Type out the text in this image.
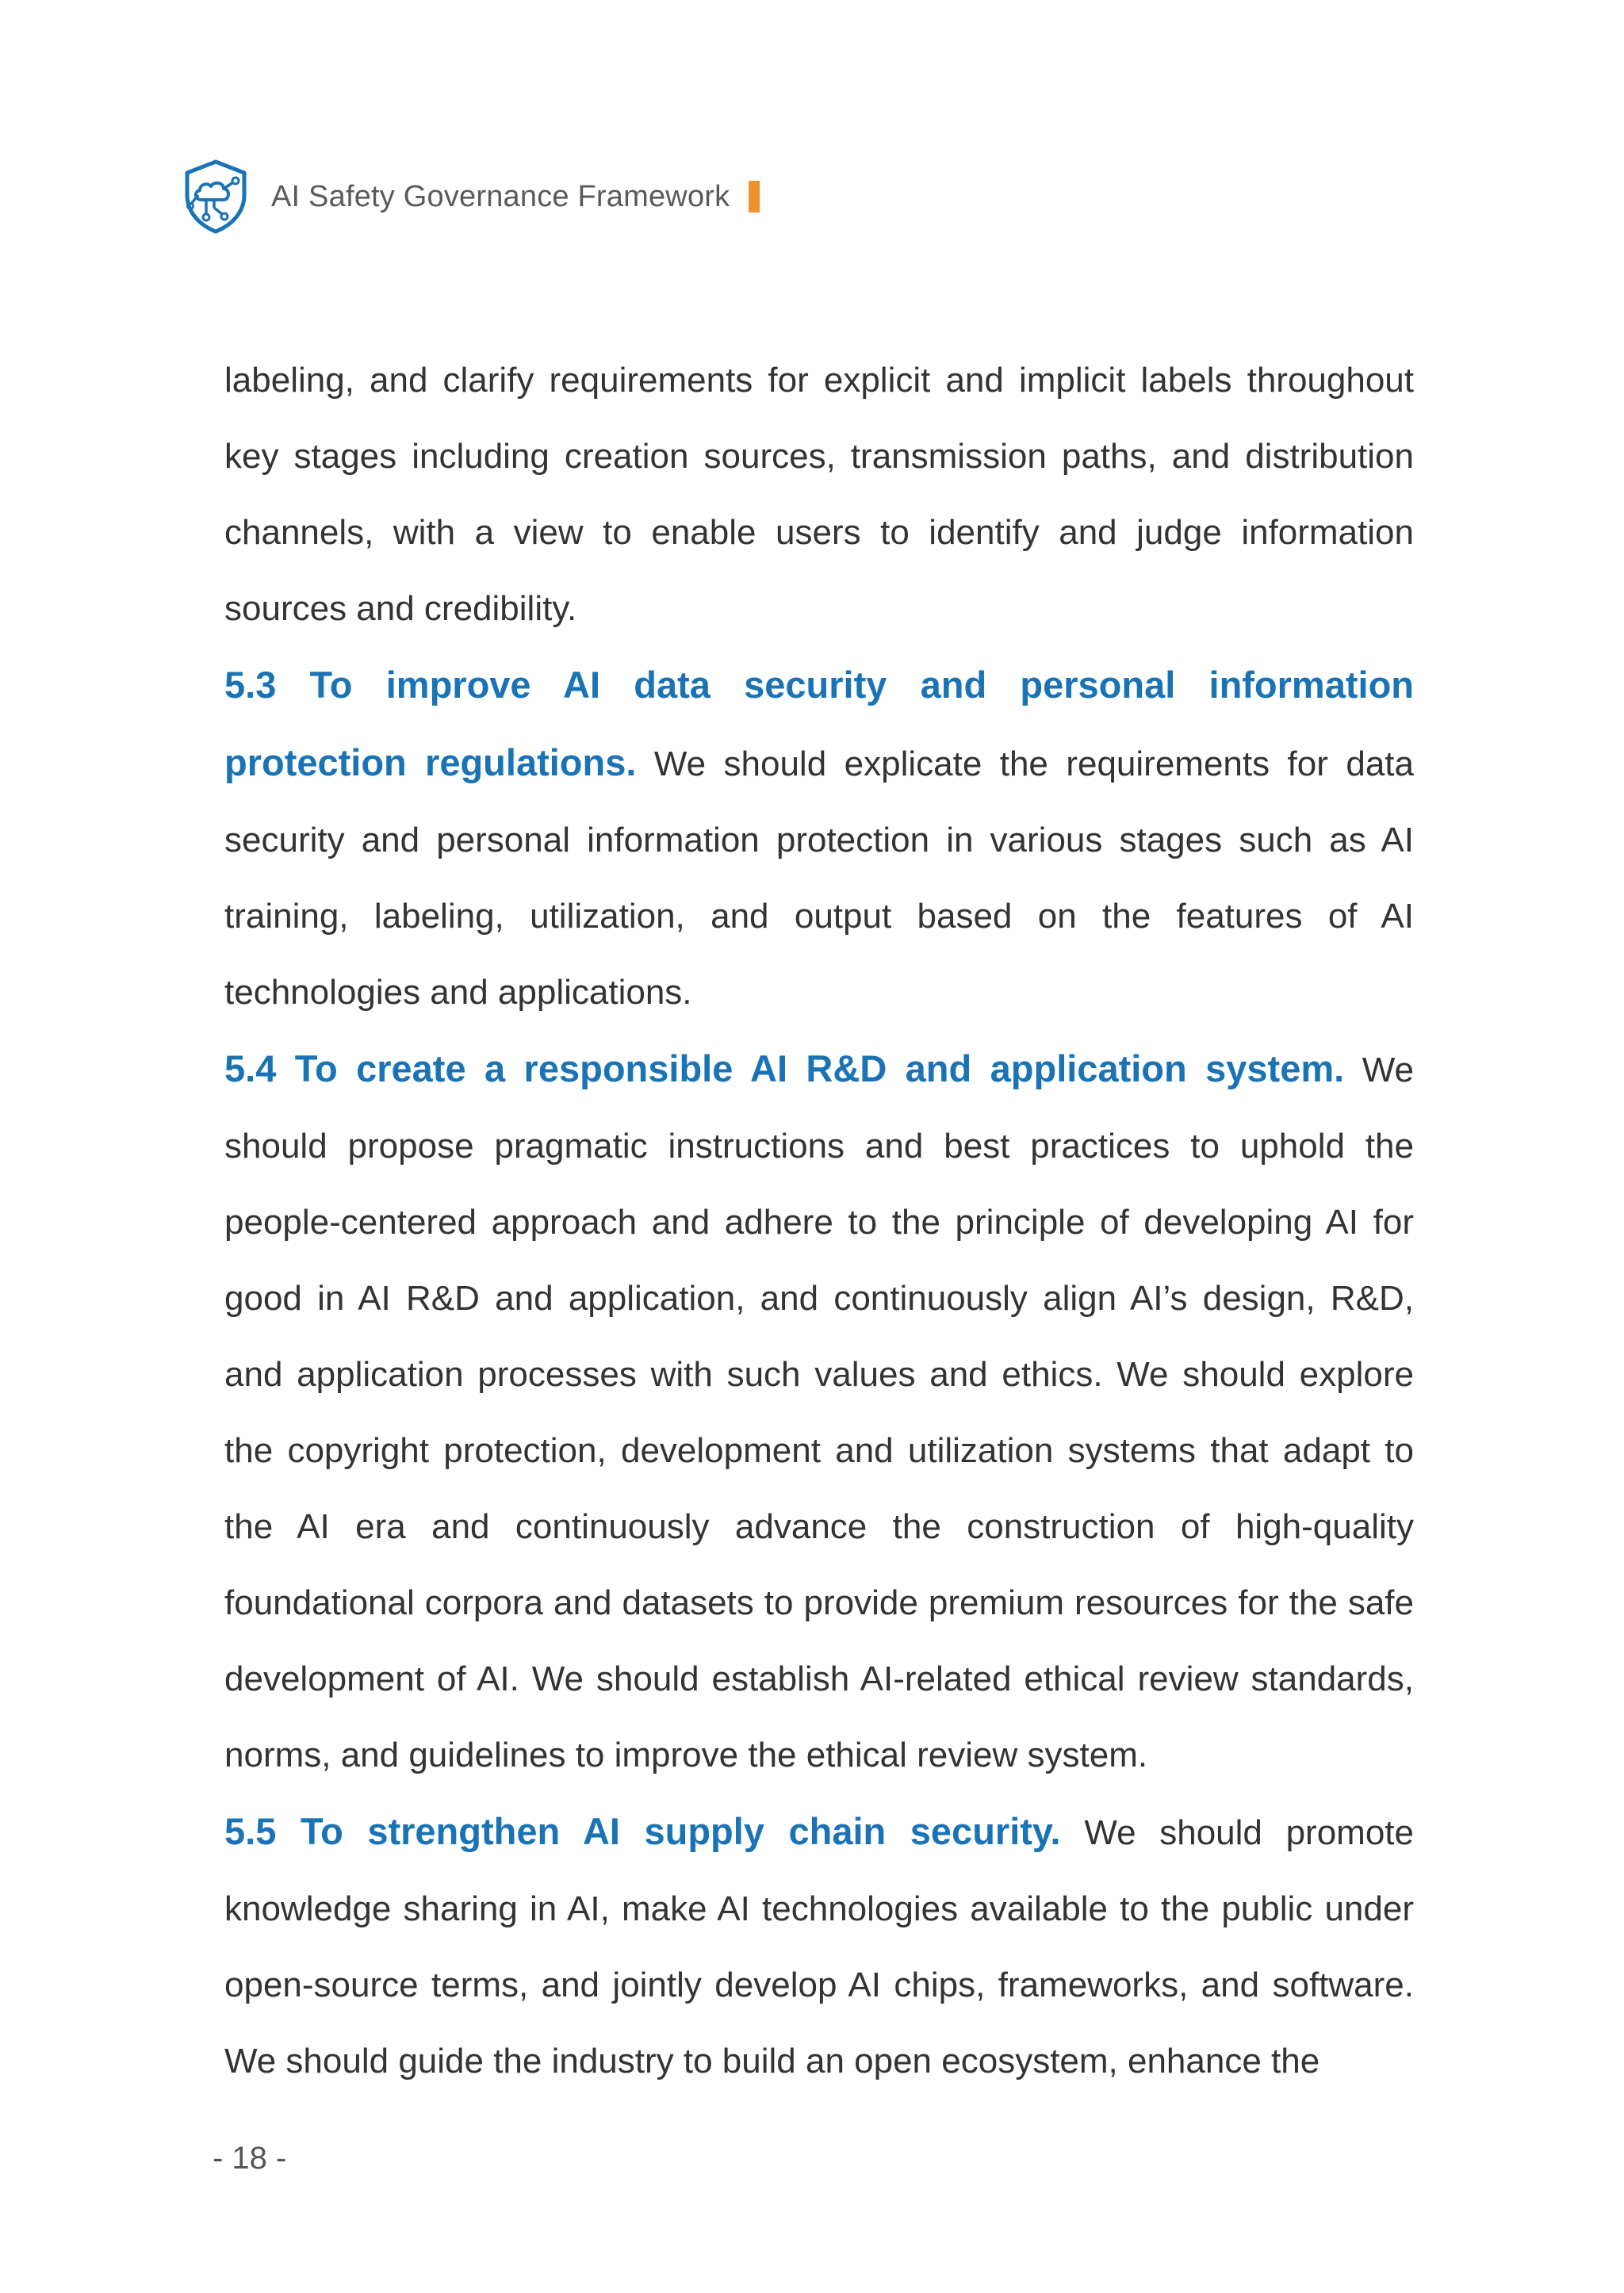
AI Safety Governance Framework

labeling, and clarify requirements for explicit and implicit labels throughout key stages including creation sources, transmission paths, and distribution channels, with a view to enable users to identify and judge information sources and credibility.

5.3 To improve AI data security and personal information protection regulations. We should explicate the requirements for data security and personal information protection in various stages such as AI training, labeling, utilization, and output based on the features of AI technologies and applications.

5.4 To create a responsible AI R&D and application system. We should propose pragmatic instructions and best practices to uphold the people-centered approach and adhere to the principle of developing AI for good in AI R&D and application, and continuously align AI’s design, R&D, and application processes with such values and ethics. We should explore the copyright protection, development and utilization systems that adapt to the AI era and continuously advance the construction of high-quality foundational corpora and datasets to provide premium resources for the safe development of AI. We should establish AI-related ethical review standards, norms, and guidelines to improve the ethical review system.

5.5 To strengthen AI supply chain security. We should promote knowledge sharing in AI, make AI technologies available to the public under open-source terms, and jointly develop AI chips, frameworks, and software. We should guide the industry to build an open ecosystem, enhance the

- 18 -
